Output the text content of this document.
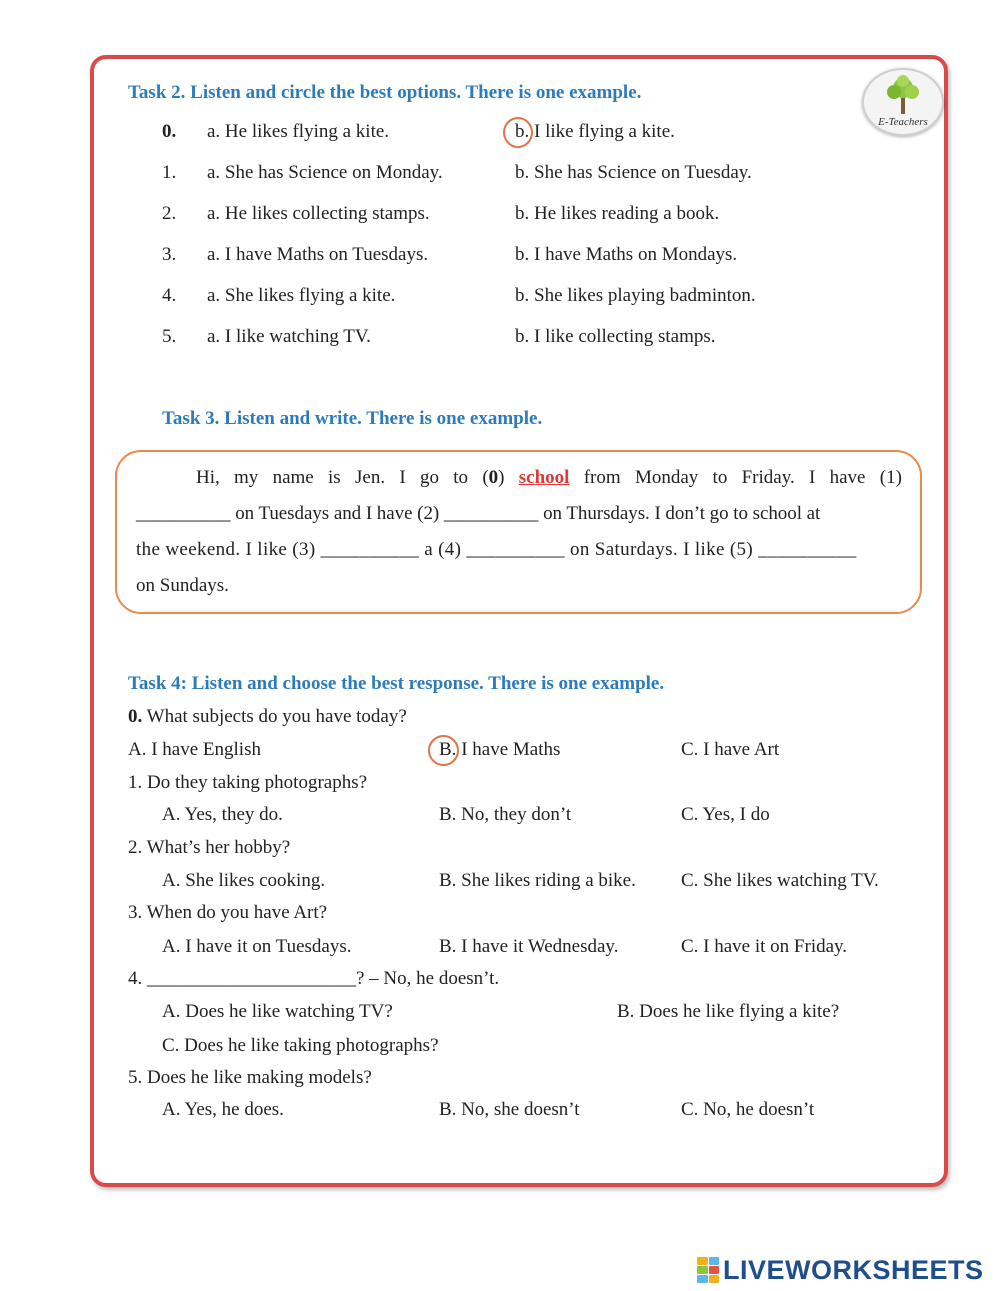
E-Teachers
Task 2. Listen and circle the best options. There is one example.
0. a. He likes flying a kite.	b. I like flying a kite.
1. a. She has Science on Monday.	b. She has Science on Tuesday.
2. a. He likes collecting stamps.	b. He likes reading a book.
3. a. I have Maths on Tuesdays.	b. I have Maths on Mondays.
4. a. She likes flying a kite.	b. She likes playing badminton.
5. a. I like watching TV.	b. I like collecting stamps.
Task 3. Listen and write. There is one example.
Hi, my name is Jen. I go to (0) school from Monday to Friday. I have (1)
__________ on Tuesdays and I have (2) __________ on Thursdays. I don’t go to school at
the weekend. I like (3) __________ a (4) __________ on Saturdays. I like (5) __________
on Sundays.
Task 4: Listen and choose the best response. There is one example.
0. What subjects do you have today?
A. I have English	B. I have Maths	C. I have Art
1. Do they taking photographs?
A. Yes, they do.	B. No, they don’t	C. Yes, I do
2. What’s her hobby?
A. She likes cooking.	B. She likes riding a bike. C. She likes watching TV.
3. When do you have Art?
A. I have it on Tuesdays.	B. I have it Wednesday.	C. I have it on Friday.
4. ______________________? – No, he doesn’t.
A. Does he like watching TV?	B. Does he like flying a kite?
C. Does he like taking photographs?
5. Does he like making models?
A. Yes, he does.	B. No, she doesn’t	C. No, he doesn’t
LIVEWORKSHEETS
